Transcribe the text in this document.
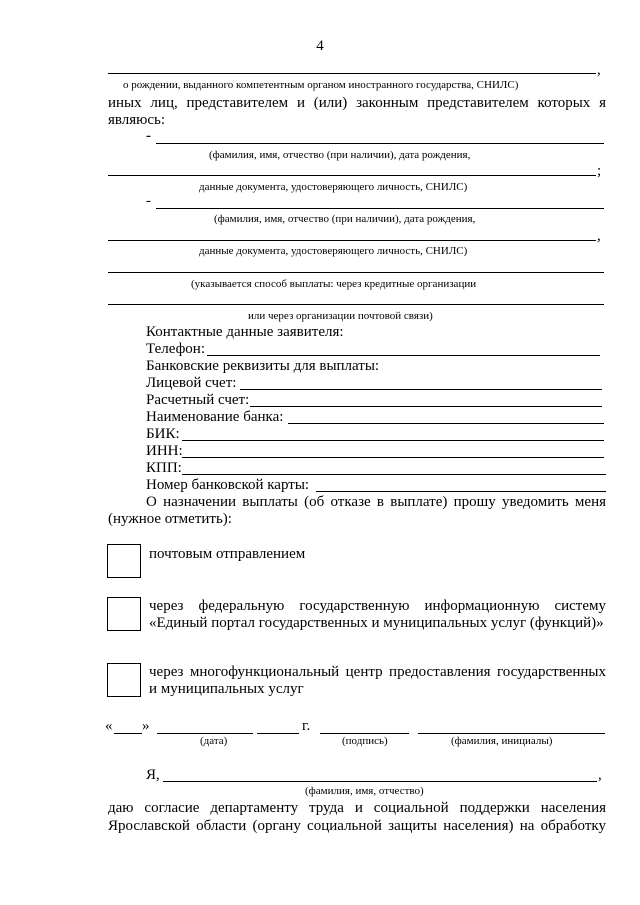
4
,
о рождении, выданного компетентным органом иностранного государства, СНИЛС)
иных лиц, представителем и (или) законным представителем которых я
являюсь:
-
(фамилия, имя, отчество (при наличии), дата рождения,
;
данные документа, удостоверяющего личность, СНИЛС)
-
(фамилия, имя, отчество (при наличии), дата рождения,
,
данные документа, удостоверяющего личность, СНИЛС)
(указывается способ выплаты: через кредитные организации
или через организации почтовой связи)
Контактные данные заявителя:
Телефон:
Банковские реквизиты для выплаты:
Лицевой счет:
Расчетный счет:
Наименование банка:
БИК:
ИНН:
КПП:
Номер банковской карты:
О назначении выплаты (об отказе в выплате) прошу уведомить меня
(нужное отметить):
почтовым отправлением
через федеральную государственную информационную систему
«Единый портал государственных и муниципальных услуг (функций)»
через многофункциональный центр предоставления государственных
и муниципальных услуг
« »	г.
(дата)	(подпись)	(фамилия, инициалы)
Я,	,
(фамилия, имя, отчество)
даю согласие департаменту труда и социальной поддержки населения
Ярославской области (органу социальной защиты населения) на обработку
